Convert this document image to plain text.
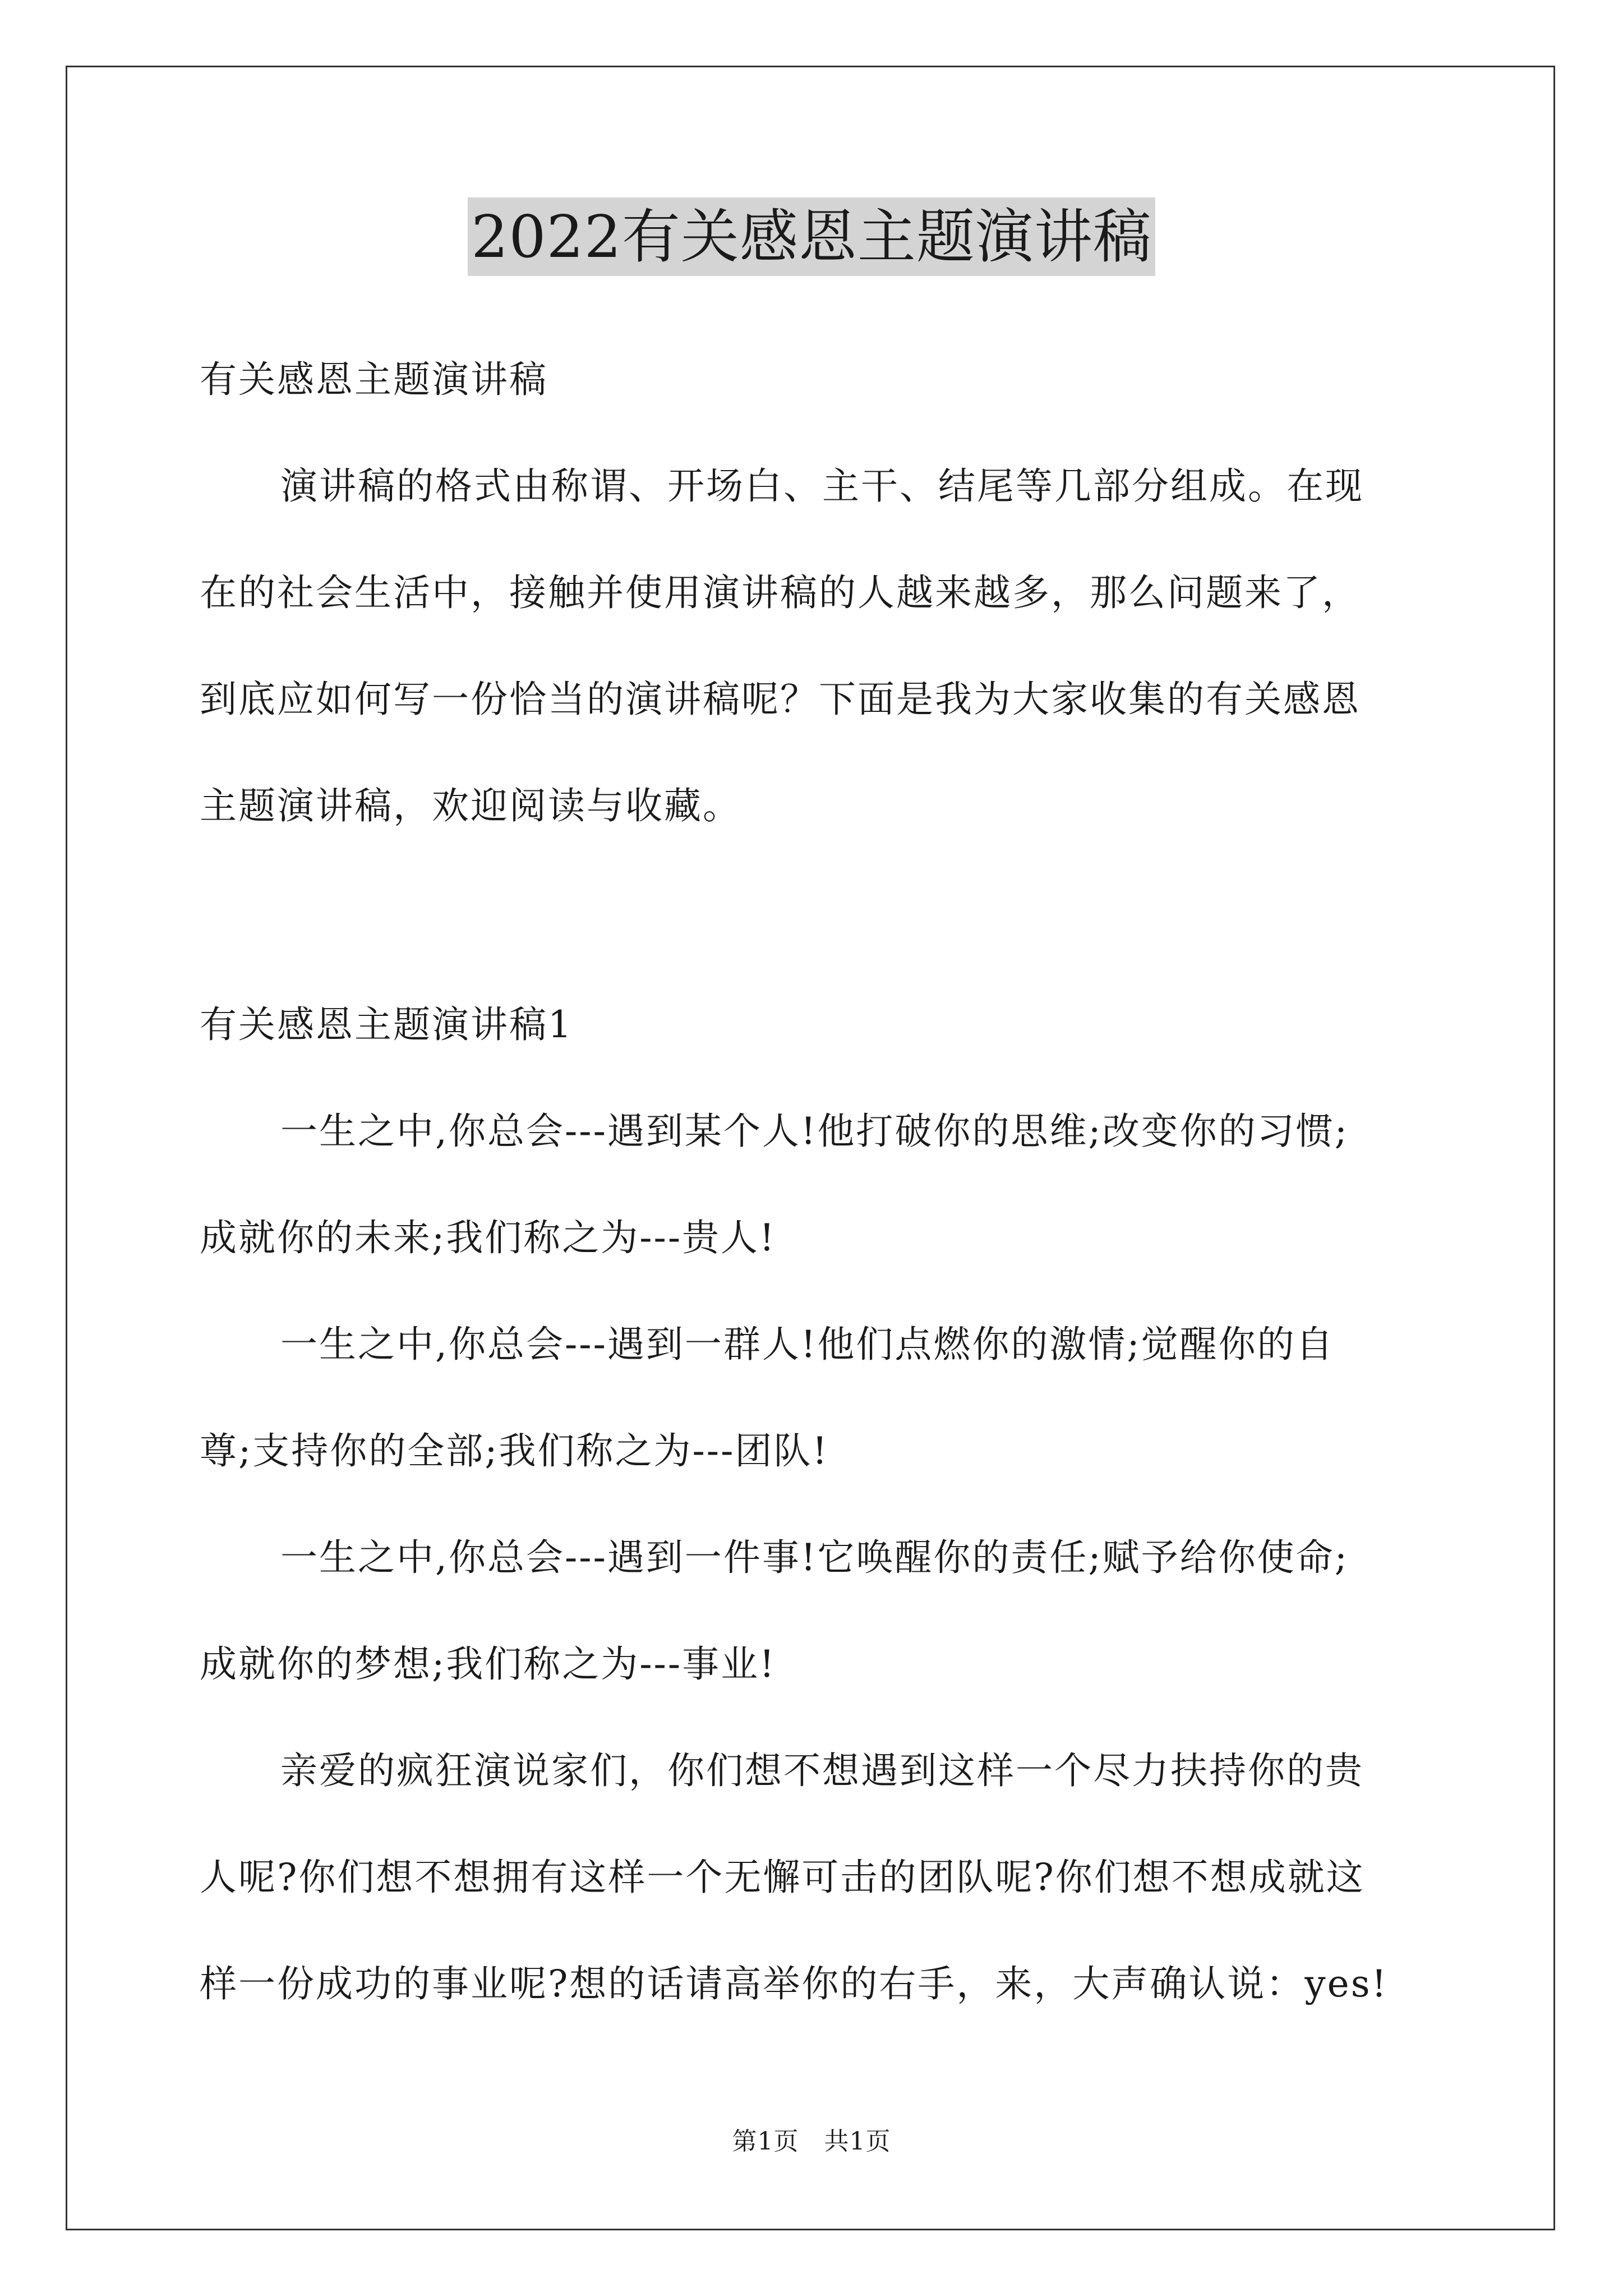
2022有关感恩主题演讲稿
有关感恩主题演讲稿
演讲稿的格式由称谓、开场白、主干、结尾等几部分组成。在现
在的社会生活中，接触并使用演讲稿的人越来越多，那么问题来了，
到底应如何写一份恰当的演讲稿呢？下面是我为大家收集的有关感恩
主题演讲稿，欢迎阅读与收藏。
有关感恩主题演讲稿1
一生之中,你总会---遇到某个人!他打破你的思维;改变你的习惯;
成就你的未来;我们称之为---贵人!
一生之中,你总会---遇到一群人!他们点燃你的激情;觉醒你的自
尊;支持你的全部;我们称之为---团队!
一生之中,你总会---遇到一件事!它唤醒你的责任;赋予给你使命;
成就你的梦想;我们称之为---事业!
亲爱的疯狂演说家们，你们想不想遇到这样一个尽力扶持你的贵
人呢?你们想不想拥有这样一个无懈可击的团队呢?你们想不想成就这
样一份成功的事业呢?想的话请高举你的右手，来，大声确认说：yes!
第1页　共1页
